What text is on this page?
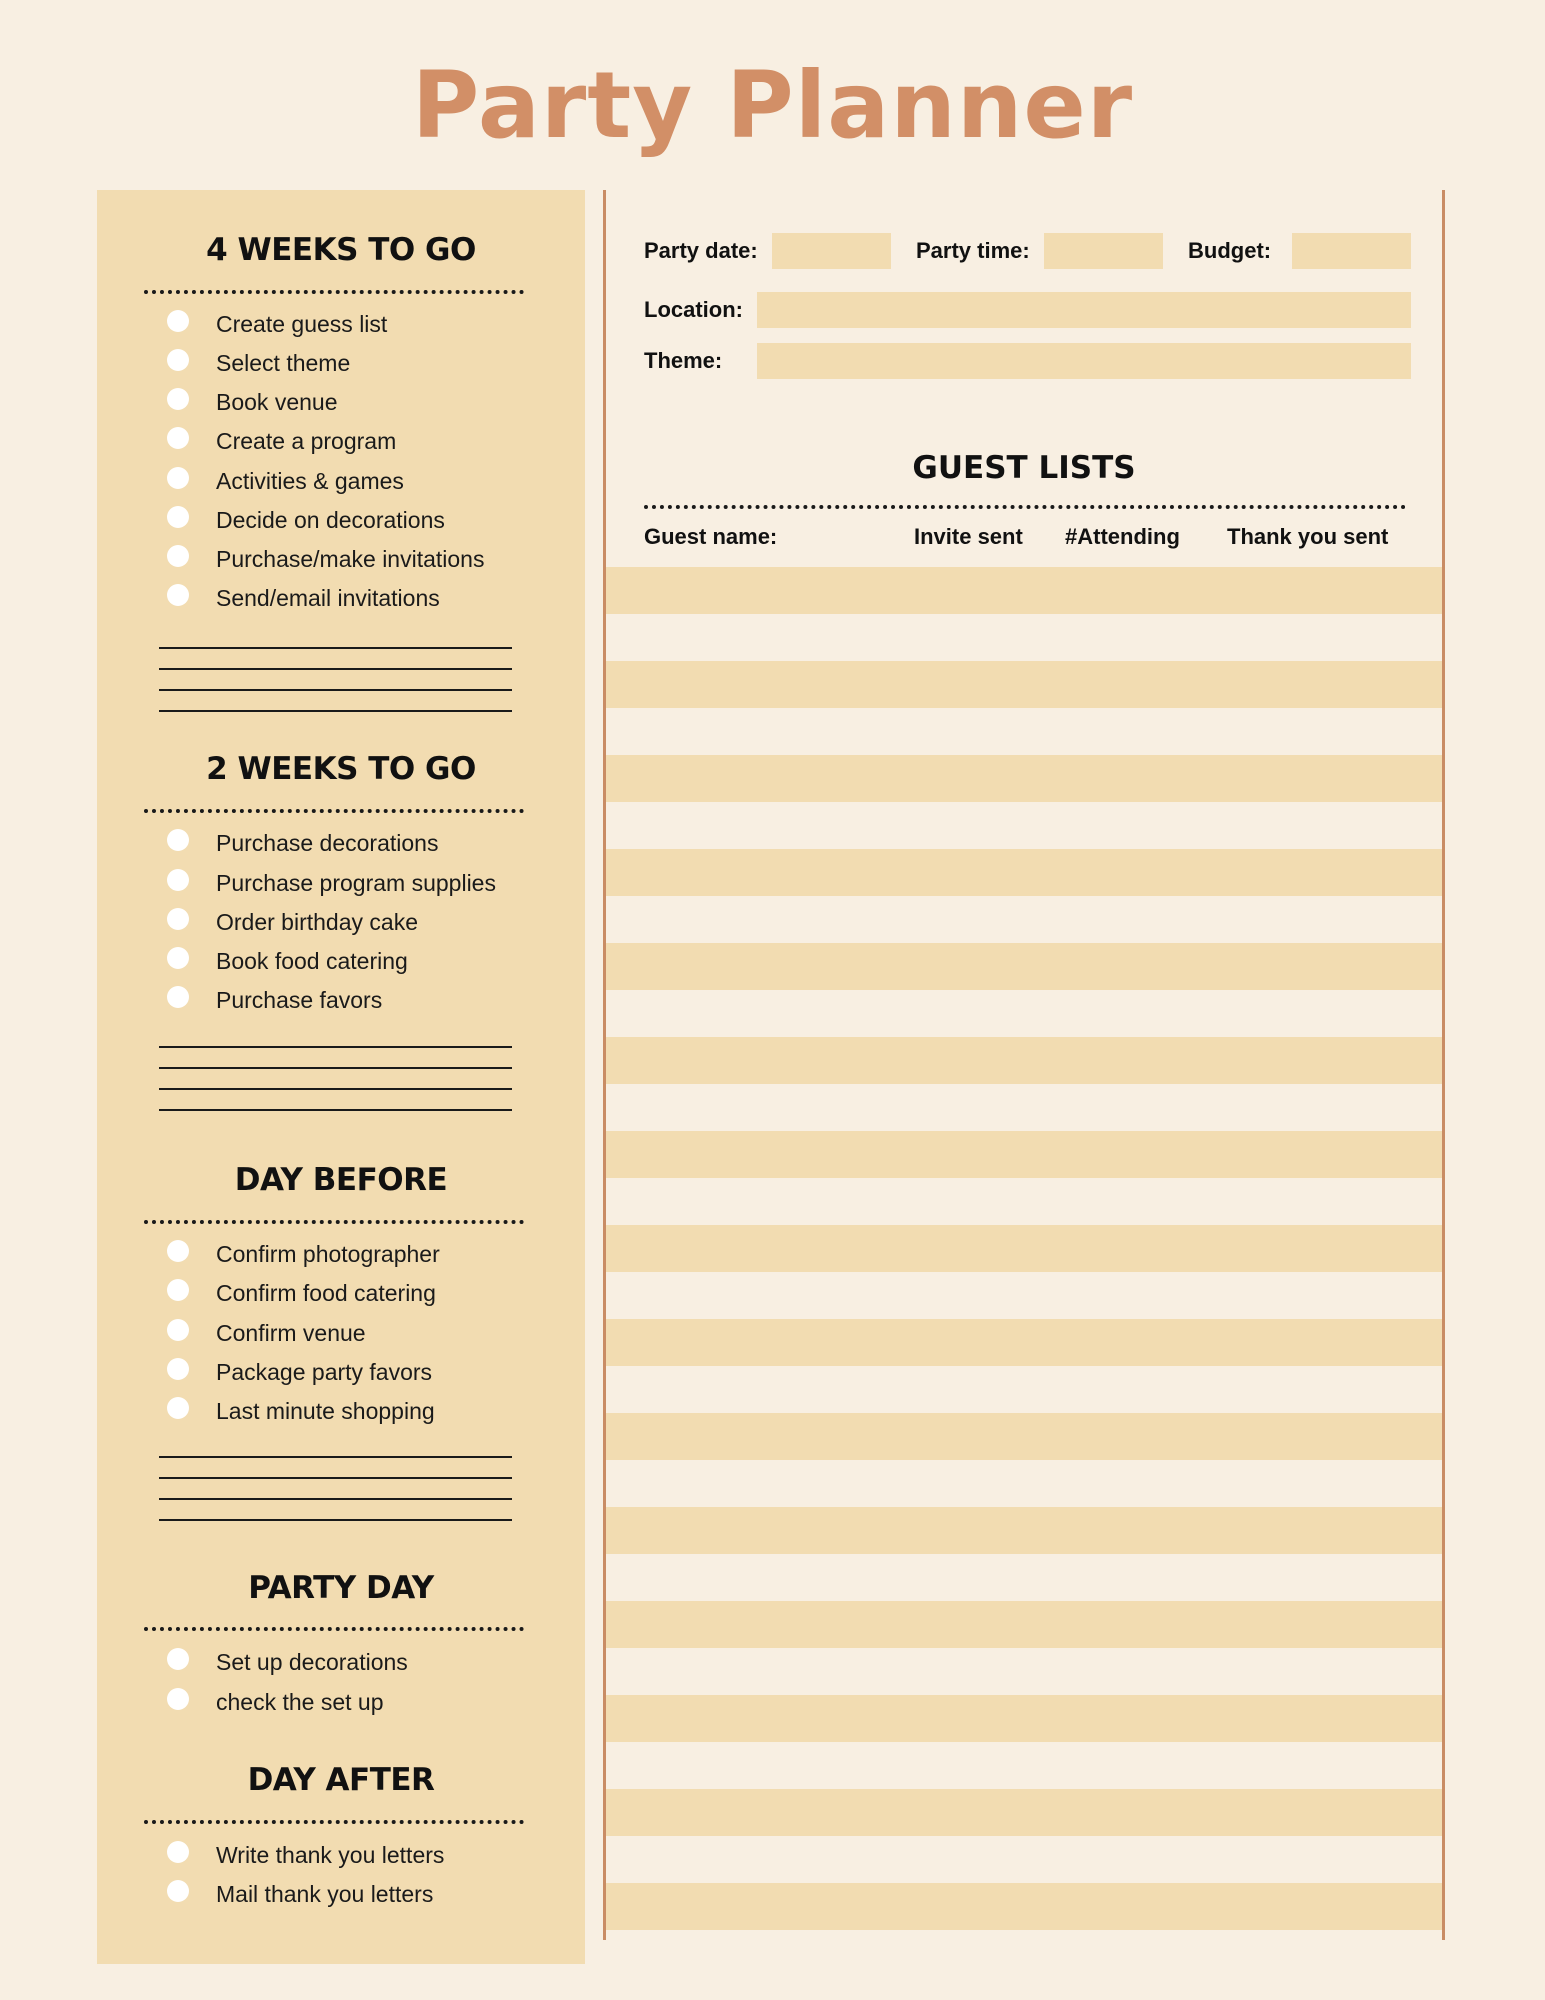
Party Planner
4 WEEKS TO GO
Create guess list
Select theme
Book venue
Create a program
Activities & games
Decide on decorations
Purchase/make invitations
Send/email invitations
2 WEEKS TO GO
Purchase decorations
Purchase program supplies
Order birthday cake
Book food catering
Purchase favors
DAY BEFORE
Confirm photographer
Confirm food catering
Confirm venue
Package party favors
Last minute shopping
PARTY DAY
Set up decorations
check the set up
DAY AFTER
Write thank you letters
Mail thank you letters
Party date:	Party time:	Budget:
Location:
Theme:
GUEST LISTS
Guest name:	Invite sent #Attending Thank you sent
